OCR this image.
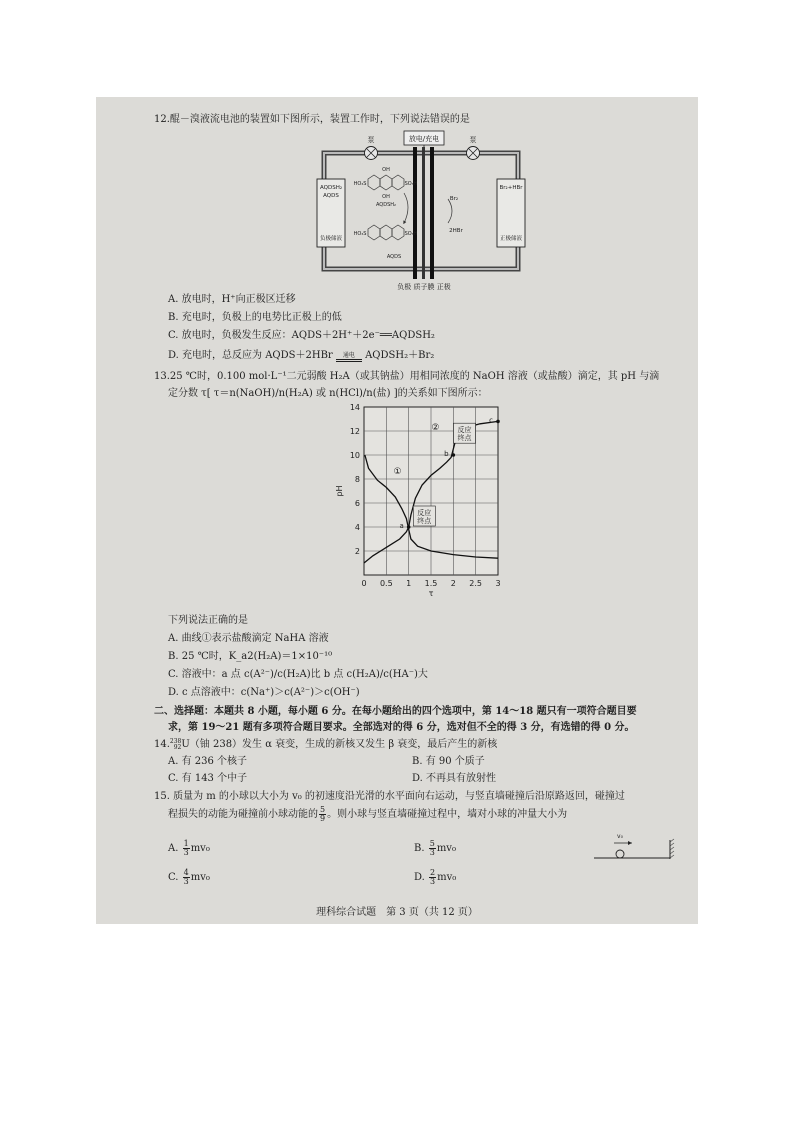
12.醌－溴液流电池的装置如下图所示，装置工作时，下列说法错误的是
放电/充电
泵	泵
AQDSH₂
AQDS
负极储液
Br₂+HBr
正极储液
OH
HO₃S	SO₃H
OH
AQDSH₂
HO₃S	SO₃H
AQDS
Br₂
2HBr
负极 质子膜 正极
A. 放电时，H⁺向正极区迁移
B. 充电时，负极上的电势比正极上的低
C. 放电时，负极发生反应：AQDS＋2H⁺＋2e⁻══AQDSH₂
D. 充电时，总反应为 AQDS＋2HBr	通电	AQDSH₂＋Br₂
13.25 ℃时，0.100 mol·L⁻¹二元弱酸 H₂A（或其钠盐）用相同浓度的 NaOH 溶液（或盐酸）滴定，其 pH 与滴
定分数 τ[ τ＝n(NaOH)/n(H₂A) 或 n(HCl)/n(盐) ]的关系如下图所示：
0 0.5 1 1.5 2 2.5 3
2
4
6
8
10
12
14
τ
pH
a
b
c
①
②
反应
终点
反应
终点
下列说法正确的是
A. 曲线①表示盐酸滴定 NaHA 溶液
B. 25 ℃时，K_a2(H₂A)＝1×10⁻¹⁰
C. 溶液中：a 点 c(A²⁻)/c(H₂A)比 b 点 c(H₂A)/c(HA⁻)大
D. c 点溶液中：c(Na⁺)＞c(A²⁻)＞c(OH⁻)
二、选择题：本题共 8 小题，每小题 6 分。在每小题给出的四个选项中，第 14～18 题只有一项符合题目要
求，第 19～21 题有多项符合题目要求。全部选对的得 6 分，选对但不全的得 3 分，有选错的得 0 分。
14. 238
92 U（铀 238）发生 α 衰变，生成的新核又发生 β 衰变，最后产生的新核
A. 有 236 个核子	B. 有 90 个质子
C. 有 143 个中子	D. 不再具有放射性
15. 质量为 m 的小球以大小为 v₀ 的初速度沿光滑的水平面向右运动，与竖直墙碰撞后沿原路返回，碰撞过
程损失的动能为碰撞前小球动能的 $\frac{5}{9}$ 。则小球与竖直墙碰撞过程中，墙对小球的冲量大小为
A. $\frac{1}{3} mv_0$	B. $\frac{5}{3} mv_0$
C. $\frac{4}{3} mv_0$	D. $\frac{2}{3} mv_0$
v₀
理科综合试题　第 3 页（共 12 页）
